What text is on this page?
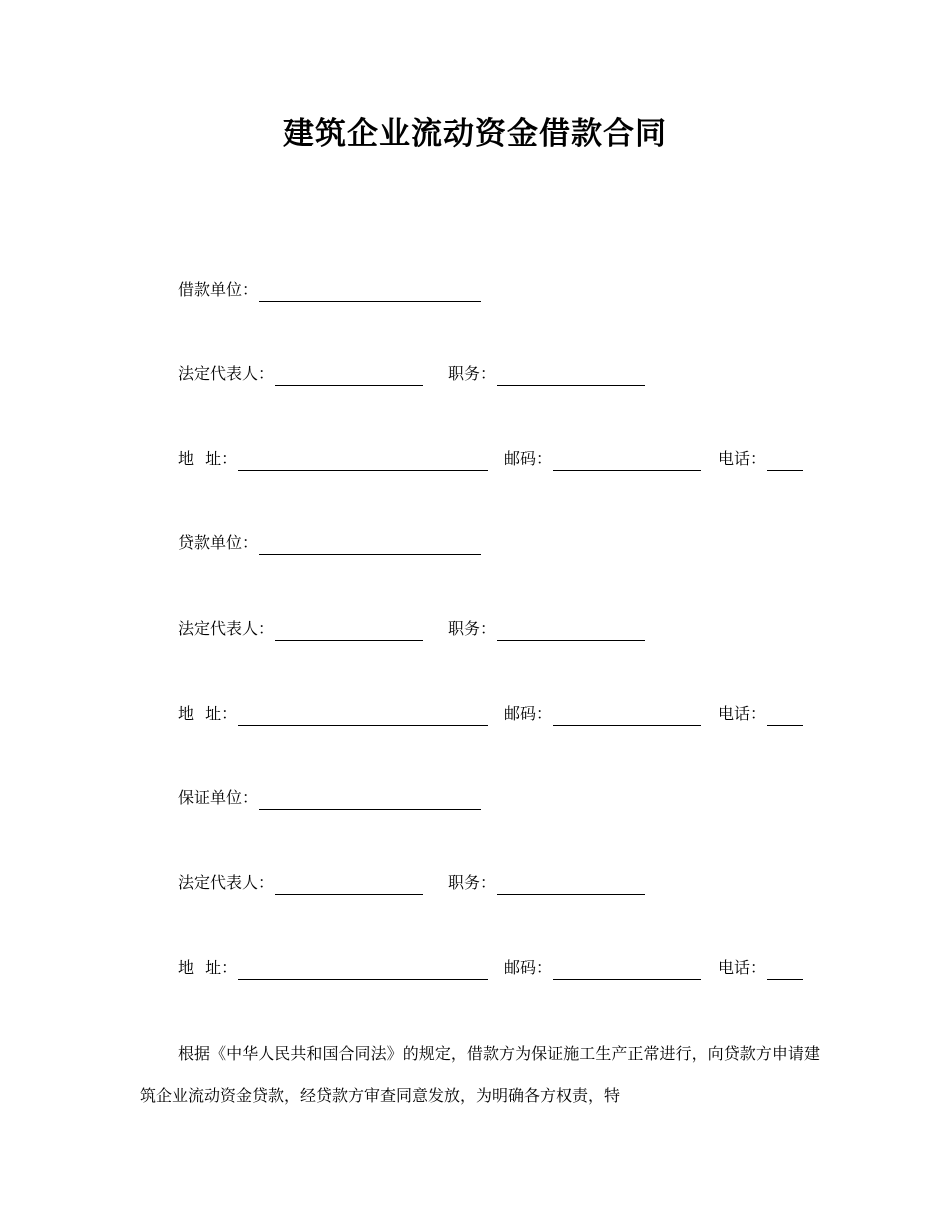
建筑企业流动资金借款合同
借款单位：
法定代表人：	职务：
地 址：	邮码：	电话：
贷款单位：
法定代表人：	职务：
地 址：	邮码：	电话：
保证单位：
法定代表人：	职务：
地 址：	邮码：	电话：
根据《中华人民共和国合同法》的规定，借款方为保证施工生产正常进行，向贷款方申请建筑企业流动资金贷款，经贷款方审查同意发放，为明确各方权责，特
